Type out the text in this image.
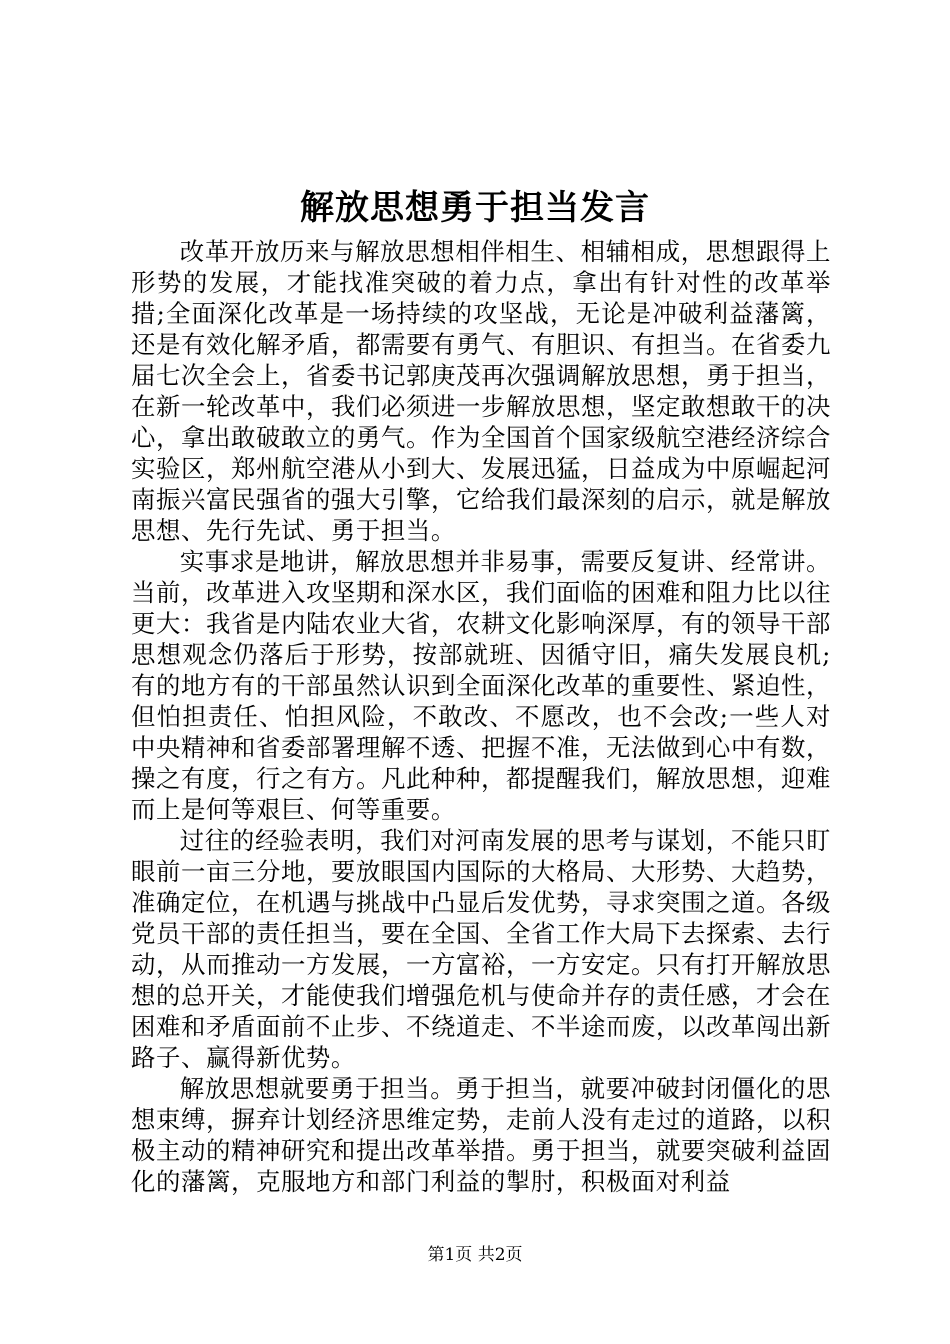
解放思想勇于担当发言

改革开放历来与解放思想相伴相生、相辅相成，思想跟得上形势的发展，才能找准突破的着力点，拿出有针对性的改革举措;全面深化改革是一场持续的攻坚战，无论是冲破利益藩篱，还是有效化解矛盾，都需要有勇气、有胆识、有担当。在省委九届七次全会上，省委书记郭庚茂再次强调解放思想，勇于担当，在新一轮改革中，我们必须进一步解放思想，坚定敢想敢干的决心，拿出敢破敢立的勇气。作为全国首个国家级航空港经济综合实验区，郑州航空港从小到大、发展迅猛，日益成为中原崛起河南振兴富民强省的强大引擎，它给我们最深刻的启示，就是解放思想、先行先试、勇于担当。

实事求是地讲，解放思想并非易事，需要反复讲、经常讲。当前，改革进入攻坚期和深水区，我们面临的困难和阻力比以往更大：我省是内陆农业大省，农耕文化影响深厚，有的领导干部思想观念仍落后于形势，按部就班、因循守旧，痛失发展良机;有的地方有的干部虽然认识到全面深化改革的重要性、紧迫性，但怕担责任、怕担风险，不敢改、不愿改，也不会改;一些人对中央精神和省委部署理解不透、把握不准，无法做到心中有数，操之有度，行之有方。凡此种种，都提醒我们，解放思想，迎难而上是何等艰巨、何等重要。

过往的经验表明，我们对河南发展的思考与谋划，不能只盯眼前一亩三分地，要放眼国内国际的大格局、大形势、大趋势，准确定位，在机遇与挑战中凸显后发优势，寻求突围之道。各级党员干部的责任担当，要在全国、全省工作大局下去探索、去行动，从而推动一方发展，一方富裕，一方安定。只有打开解放思想的总开关，才能使我们增强危机与使命并存的责任感，才会在困难和矛盾面前不止步、不绕道走、不半途而废，以改革闯出新路子、赢得新优势。

解放思想就要勇于担当。勇于担当，就要冲破封闭僵化的思想束缚，摒弃计划经济思维定势，走前人没有走过的道路，以积极主动的精神研究和提出改革举措。勇于担当，就要突破利益固化的藩篱，克服地方和部门利益的掣肘，积极面对利益

第1页 共2页
